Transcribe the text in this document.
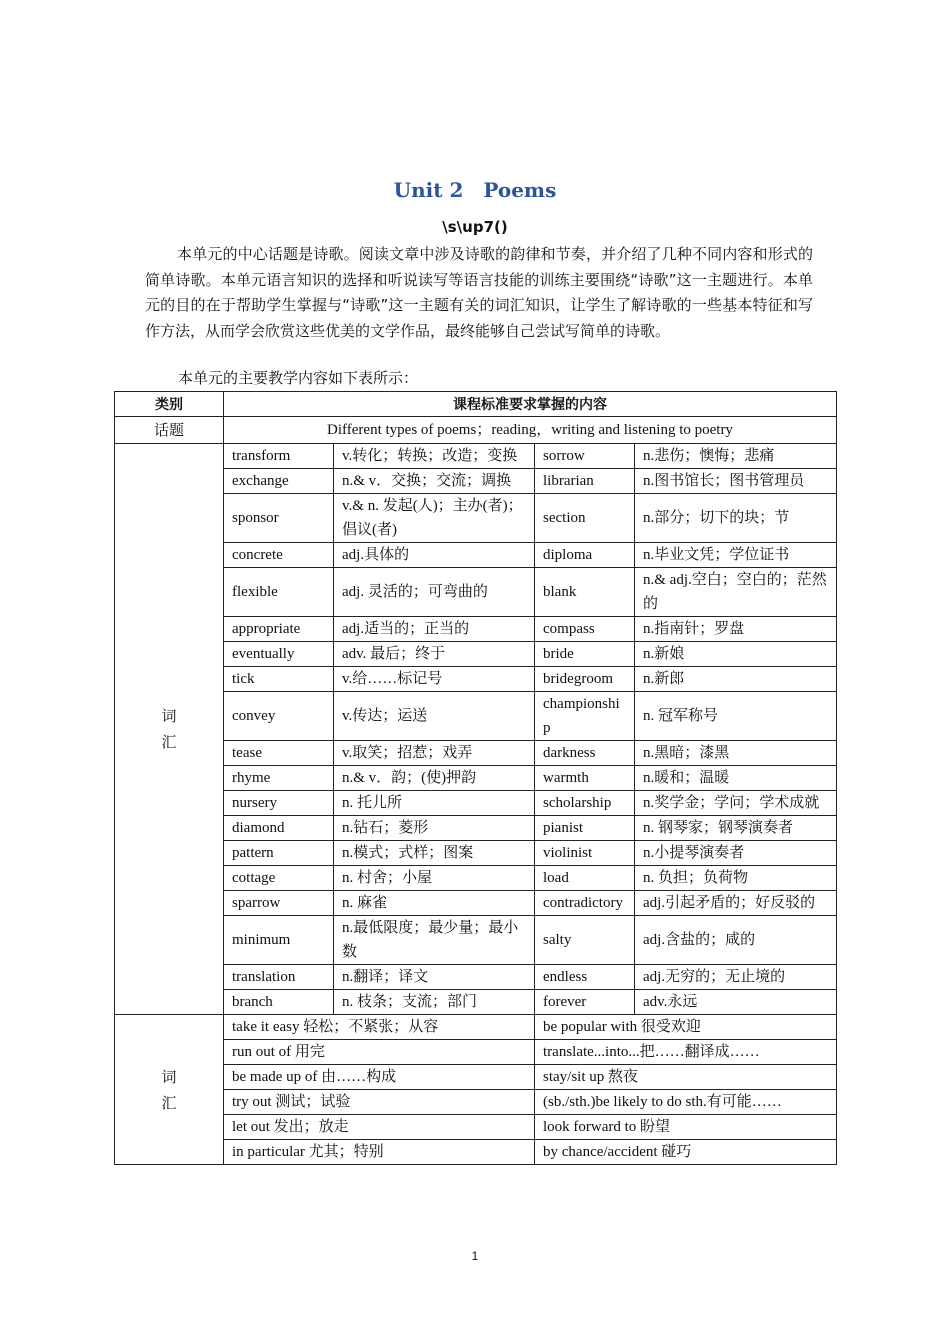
Unit 2　Poems
\s\up7()
本单元的中心话题是诗歌。阅读文章中涉及诗歌的韵律和节奏，并介绍了几种不同内容和形式的简单诗歌。本单元语言知识的选择和听说读写等语言技能的训练主要围绕“诗歌”这一主题进行。本单元的目的在于帮助学生掌握与“诗歌”这一主题有关的词汇知识，让学生了解诗歌的一些基本特征和写作方法，从而学会欣赏这些优美的文学作品，最终能够自己尝试写简单的诗歌。
本单元的主要教学内容如下表所示：
类别	课程标准要求掌握的内容			
话题	Different types of poems；reading，writing and listening to poetry			
词
汇	transform	v.转化；转换；改造；变换	sorrow	n.悲伤；懊悔；悲痛
	exchange	n.& v．交换；交流；调换	librarian	n.图书馆长；图书管理员
	sponsor	v.& n. 发起(人)；主办(者)；倡议(者)	section	n.部分；切下的块；节
	concrete	adj.具体的	diploma	n.毕业文凭；学位证书
	flexible	adj. 灵活的；可弯曲的	blank	n.& adj.空白；空白的；茫然的
	appropriate	adj.适当的；正当的	compass	n.指南针；罗盘
	eventually	adv. 最后；终于	bride	n.新娘
	tick	v.给……标记号	bridegroom	n.新郎
	convey	v.传达；运送	championship	n. 冠军称号
	tease	v.取笑；招惹；戏弄	darkness	n.黑暗；漆黑
	rhyme	n.& v．韵；(使)押韵	warmth	n.暖和；温暖
	nursery	n. 托儿所	scholarship	n.奖学金；学问；学术成就
	diamond	n.钻石；菱形	pianist	n. 钢琴家；钢琴演奏者
	pattern	n.模式；式样；图案	violinist	n.小提琴演奏者
	cottage	n. 村舍；小屋	load	n. 负担；负荷物
	sparrow	n. 麻雀	contradictory	adj.引起矛盾的；好反驳的
	minimum	n.最低限度；最少量；最小数	salty	adj.含盐的；咸的
	translation	n.翻译；译文	endless	adj.无穷的；无止境的
	branch	n. 枝条；支流；部门	forever	adv.永远
词
汇	take it easy 轻松；不紧张；从容		be popular with 很受欢迎	
	run out of 用完		translate...into...把……翻译成……	
	be made up of 由……构成		stay/sit up 熬夜	
	try out 测试；试验		(sb./sth.)be likely to do sth.有可能……	
	let out 发出；放走		look forward to 盼望	
	in particular 尤其；特别		by chance/accident 碰巧	
1
